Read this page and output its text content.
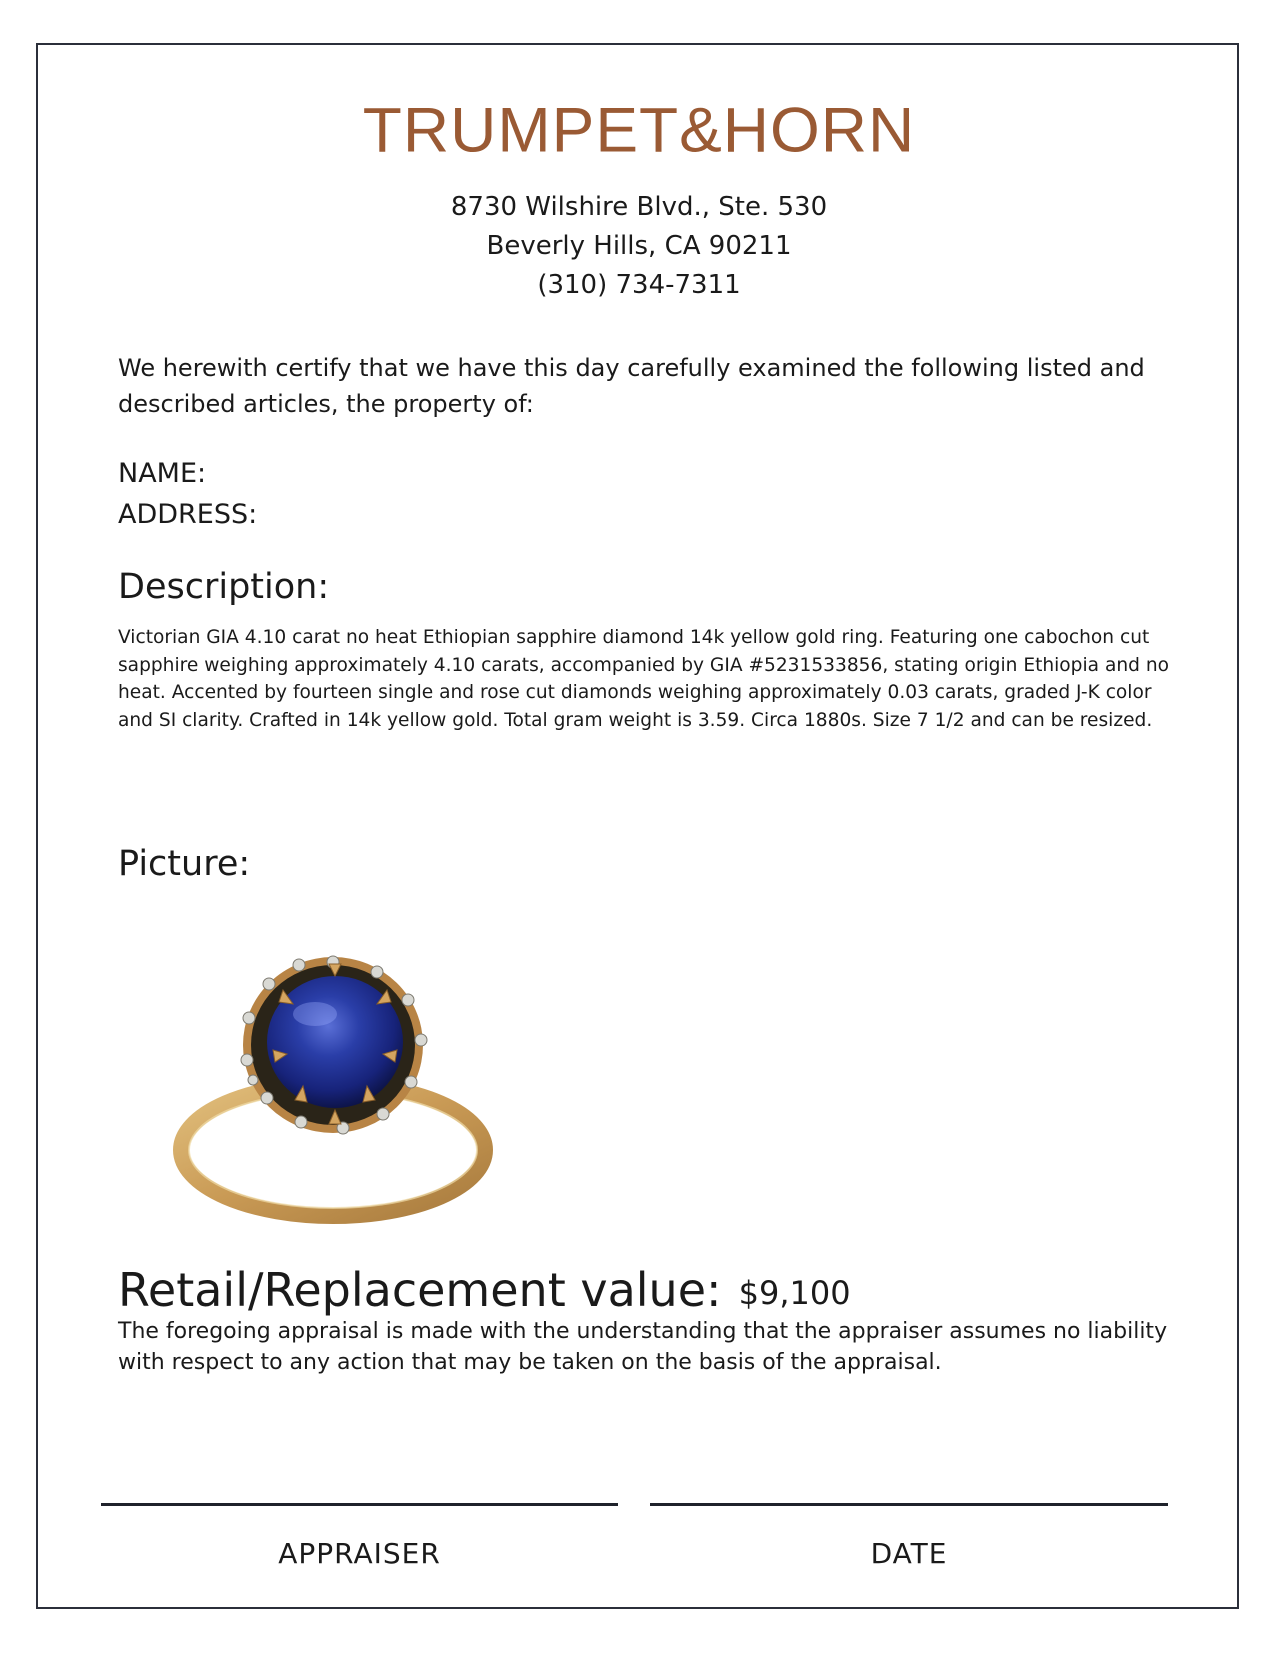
TRUMPET&HORN
8730 Wilshire Blvd., Ste. 530
Beverly Hills, CA 90211
(310) 734-7311
We herewith certify that we have this day carefully examined the following listed and described articles, the property of:
NAME:
ADDRESS:
Description:
Victorian GIA 4.10 carat no heat Ethiopian sapphire diamond 14k yellow gold ring. Featuring one cabochon cut sapphire weighing approximately 4.10 carats, accompanied by GIA #5231533856, stating origin Ethiopia and no heat. Accented by fourteen single and rose cut diamonds weighing approximately 0.03 carats, graded J-K color and SI clarity. Crafted in 14k yellow gold. Total gram weight is 3.59. Circa 1880s. Size 7 1/2 and can be resized.
Picture:
Retail/Replacement value: $9,100
The foregoing appraisal is made with the understanding that the appraiser assumes no liability with respect to any action that may be taken on the basis of the appraisal.
APPRAISER	DATE
